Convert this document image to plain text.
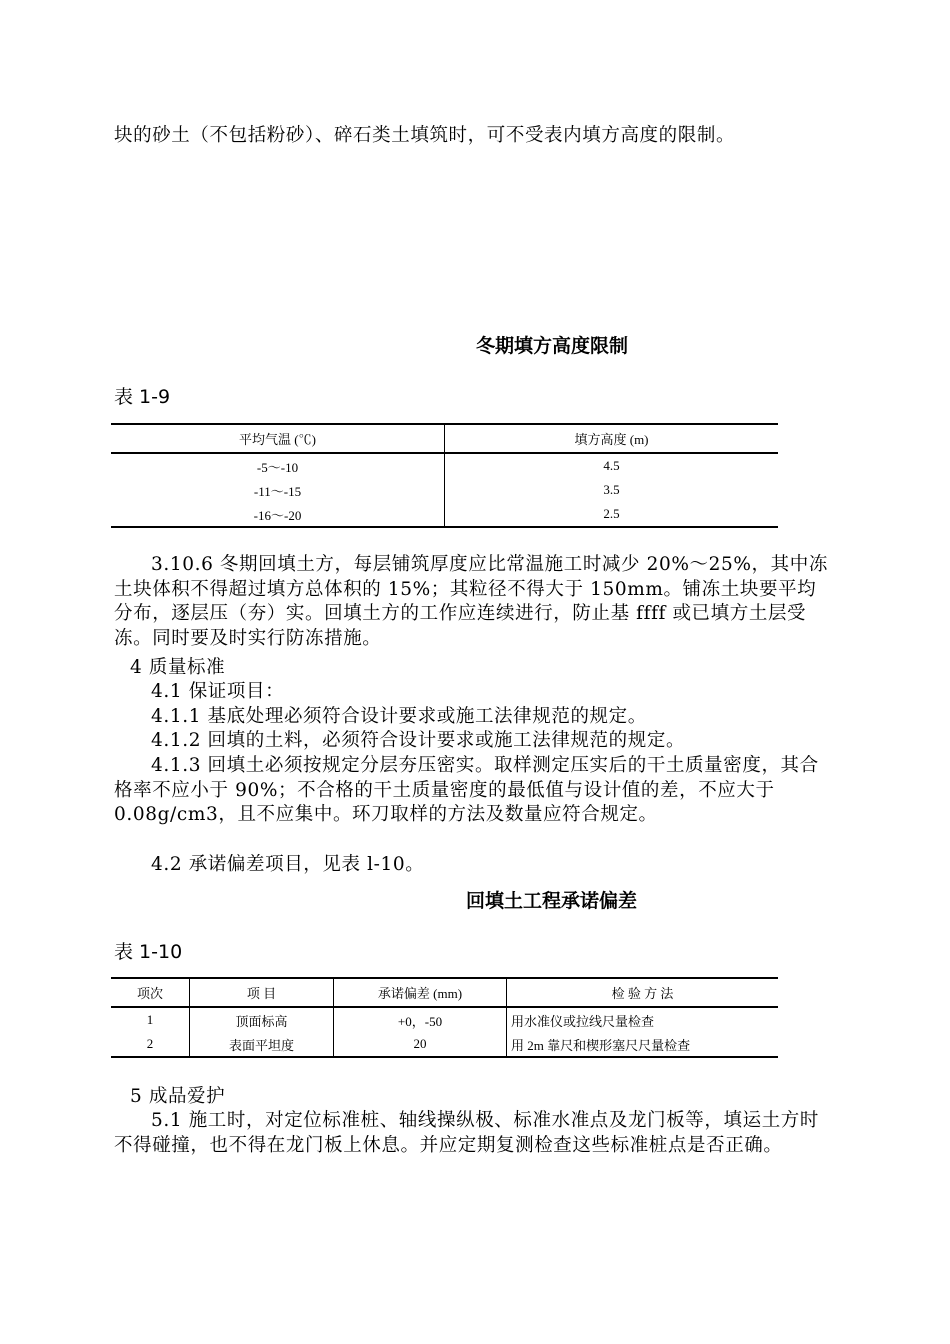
块的砂土（不包括粉砂）、碎石类土填筑时，可不受表内填方高度的限制。
冬期填方高度限制
表 1-9
平均气温 (℃)	填方高度 (m)
-5～-10	4.5
-11～-15	3.5
-16～-20	2.5
3.10.6 冬期回填土方，每层铺筑厚度应比常温施工时减少 20%～25%，其中冻土块体积不得超过填方总体积的 15%；其粒径不得大于 150mm。铺冻土块要平均分布，逐层压（夯）实。回填土方的工作应连续进行，防止基 ffff 或已填方土层受冻。同时要及时实行防冻措施。
4 质量标准
4.1 保证项目：
4.1.1 基底处理必须符合设计要求或施工法律规范的规定。
4.1.2 回填的土料，必须符合设计要求或施工法律规范的规定。
4.1.3 回填土必须按规定分层夯压密实。取样测定压实后的干土质量密度，其合格率不应小于 90%；不合格的干土质量密度的最低值与设计值的差，不应大于 0.08g/cm3，且不应集中。环刀取样的方法及数量应符合规定。
4.2 承诺偏差项目，见表 l-10。
回填土工程承诺偏差
表 1-10
项次	项 目	承诺偏差 (mm)	检 验 方 法
1	顶面标高	+0，-50	用水准仪或拉线尺量检查
2	表面平坦度	20	用 2m 靠尺和楔形塞尺尺量检查
5 成品爱护
5.1 施工时，对定位标准桩、轴线操纵极、标准水准点及龙门板等，填运土方时不得碰撞，也不得在龙门板上休息。并应定期复测检查这些标准桩点是否正确。
